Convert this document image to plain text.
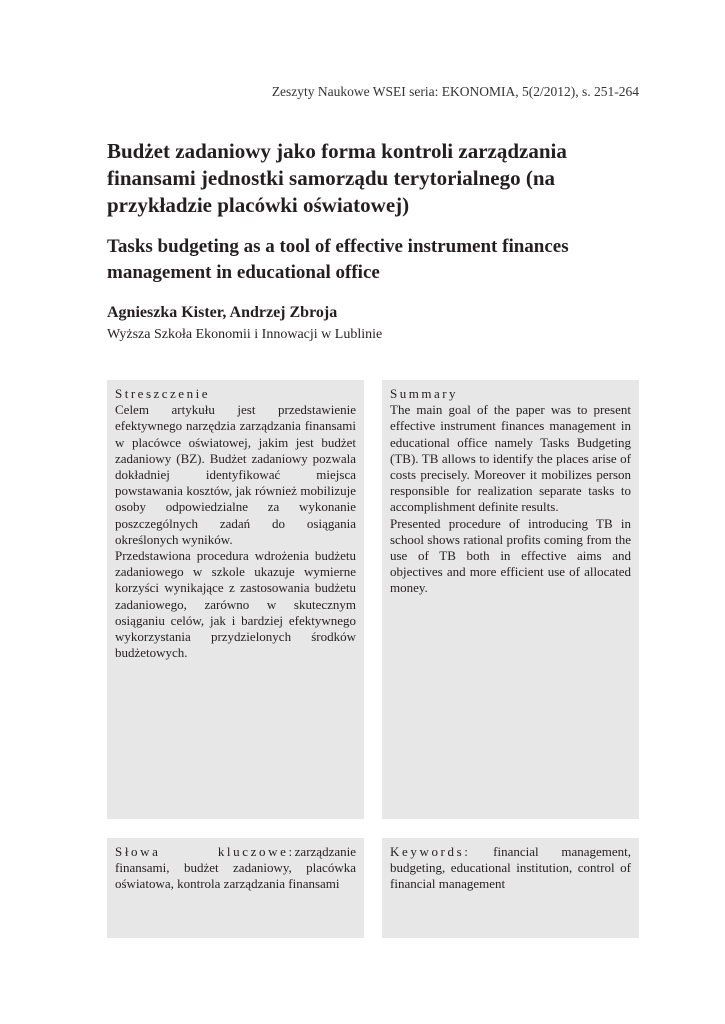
Zeszyty Naukowe WSEI seria: EKONOMIA, 5(2/2012), s. 251-264
Budżet zadaniowy jako forma kontroli zarządzania finansami jednostki samorządu terytorialnego (na przykładzie placówki oświatowej)
Tasks budgeting as a tool of effective instrument finances management in educational office
Agnieszka Kister, Andrzej Zbroja
Wyższa Szkoła Ekonomii i Innowacji w Lublinie
Streszczenie
Celem artykułu jest przedstawienie efektywnego narzędzia zarządzania finansami w placówce oświatowej, jakim jest budżet zadaniowy (BZ). Budżet zadaniowy pozwala dokładniej identyfikować miejsca powstawania kosztów, jak również mobilizuje osoby odpowiedzialne za wykonanie poszczególnych zadań do osiągania określonych wyników.
Przedstawiona procedura wdrożenia budżetu zadaniowego w szkole ukazuje wymierne korzyści wynikające z zastosowania budżetu zadaniowego, zarówno w skutecznym osiąganiu celów, jak i bardziej efektywnego wykorzystania przydzielonych środków budżetowych.
Summary
The main goal of the paper was to present effective instrument finances management in educational office namely Tasks Budgeting (TB). TB allows to identify the places arise of costs precisely. Moreover it mobilizes person responsible for realization separate tasks to accomplishment definite results.
Presented procedure of introducing TB in school shows rational profits coming from the use of TB both in effective aims and objectives and more efficient use of allocated money.
Słowa kluczowe:zarządzanie finansami, budżet zadaniowy, placówka oświatowa, kontrola zarządzania finansami
Keywords: financial management, budgeting, educational institution, control of financial management
